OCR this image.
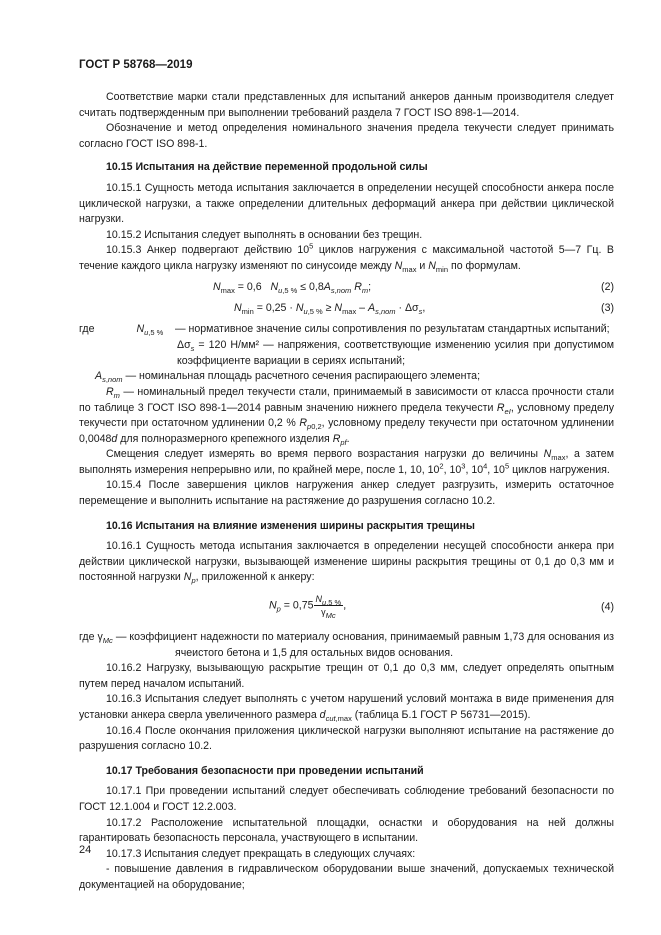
ГОСТ Р 58768—2019

Соответствие марки стали представленных для испытаний анкеров данным производителя следует считать подтвержденным при выполнении требований раздела 7 ГОСТ ISO 898-1—2014.

Обозначение и метод определения номинального значения предела текучести следует принимать согласно ГОСТ ISO 898-1.

10.15 Испытания на действие переменной продольной силы

10.15.1 Сущность метода испытания заключается в определении несущей способности анкера после циклической нагрузки, а также определении длительных деформаций анкера при действии циклической нагрузки.

10.15.2 Испытания следует выполнять в основании без трещин.

10.15.3 Анкер подвергают действию $10^5$ циклов нагружения с максимальной частотой 5—7 Гц. В течение каждого цикла нагрузку изменяют по синусоиде между $N_{max}$ и $N_{min}$ по формулам.

$N_{max} = 0,6$   $N_{u,5 \%} \le 0,8A_{s,nom}$ $R_m$;	(2)
$N_{min} = 0,25 \cdot N_{u,5 \%} \ge N_{max} - A_{s,nom} \cdot \Delta\sigma_s$,	(3)
где	$N_{u,5 \%}$	— нормативное значение силы сопротивления по результатам стандартных испытаний;

$\Delta\sigma_s = 120$ Н/мм² — напряжения, соответствующие изменению усилия при допустимом коэффициенте вариации в сериях испытаний;

$A_{s,nom}$ — номинальная площадь расчетного сечения распирающего элемента;

$R_m$ — номинальный предел текучести стали, принимаемый в зависимости от класса прочности стали по таблице 3 ГОСТ ISO 898-1—2014 равным значению нижнего предела текучести $R_{eI}$, условному пределу текучести при остаточном удлинении 0,2 % $R_{p0,2}$, условному пределу текучести при остаточном удлинении 0,0048d для полноразмерного крепежного изделия $R_{pf}$.

Смещения следует измерять во время первого возрастания нагрузки до величины $N_{max}$, а затем выполнять измерения непрерывно или, по крайней мере, после 1, 10, $10^2$, $10^3$, $10^4$, $10^5$ циклов нагружения.

10.15.4 После завершения циклов нагружения анкер следует разгрузить, измерить остаточное перемещение и выполнить испытание на растяжение до разрушения согласно 10.2.

10.16 Испытания на влияние изменения ширины раскрытия трещины

10.16.1 Сущность метода испытания заключается в определении несущей способности анкера при действии циклической нагрузки, вызывающей изменение ширины раскрытия трещины от 0,1 до 0,3 мм и постоянной нагрузки $N_p$, приложенной к анкеру:

$N_p = 0,75 \frac{N_{u,5 \%}}{\gamma_{Mc}}$ ,	(4)

где $\gamma_{Mc}$ — коэффициент надежности по материалу основания, принимаемый равным 1,73 для основания из ячеистого бетона и 1,5 для остальных видов основания.

10.16.2 Нагрузку, вызывающую раскрытие трещин от 0,1 до 0,3 мм, следует определять опытным путем перед началом испытаний.

10.16.3 Испытания следует выполнять с учетом нарушений условий монтажа в виде применения для установки анкера сверла увеличенного размера $d_{cut,max}$ (таблица Б.1 ГОСТ Р 56731—2015).

10.16.4 После окончания приложения циклической нагрузки выполняют испытание на растяжение до разрушения согласно 10.2.

10.17 Требования безопасности при проведении испытаний

10.17.1 При проведении испытаний следует обеспечивать соблюдение требований безопасности по ГОСТ 12.1.004 и ГОСТ 12.2.003.

10.17.2 Расположение испытательной площадки, оснастки и оборудования на ней должны гарантировать безопасность персонала, участвующего в испытании.

10.17.3 Испытания следует прекращать в следующих случаях:

- повышение давления в гидравлическом оборудовании выше значений, допускаемых технической документацией на оборудование;

24
